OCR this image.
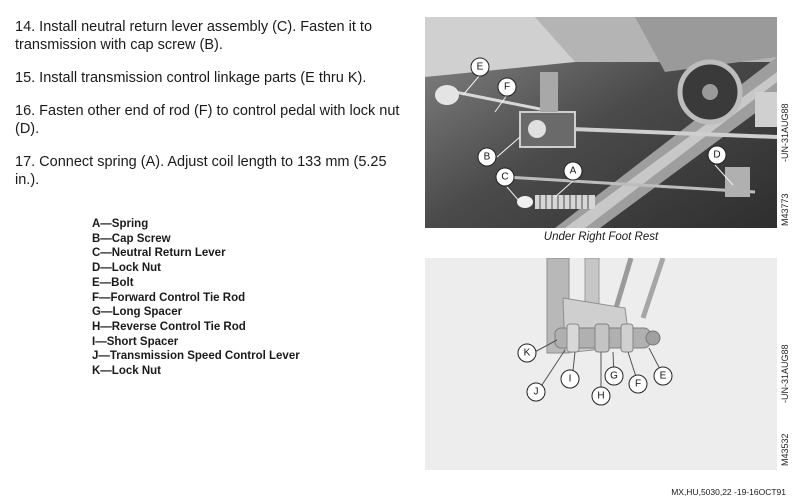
14. Install neutral return lever assembly (C). Fasten it to transmission with cap screw (B).

15. Install transmission control linkage parts (E thru K).

16. Fasten other end of rod (F) to control pedal with lock nut (D).

17. Connect spring (A). Adjust coil length to 133 mm (5.25 in.).

A—Spring
B—Cap Screw
C—Neutral Return Lever
D—Lock Nut
E—Bolt
F—Forward Control Tie Rod
G—Long Spacer
H—Reverse Control Tie Rod
I—Short Spacer
J—Transmission Speed Control Lever
K—Lock Nut
E
F
B
C
A
D
Under Right Foot Rest
-UN-31AUG88
M43773
K
J
I
H
G
F
E	-UN-31AUG88
M43532
MX,HU,5030,22 -19-16OCT91
